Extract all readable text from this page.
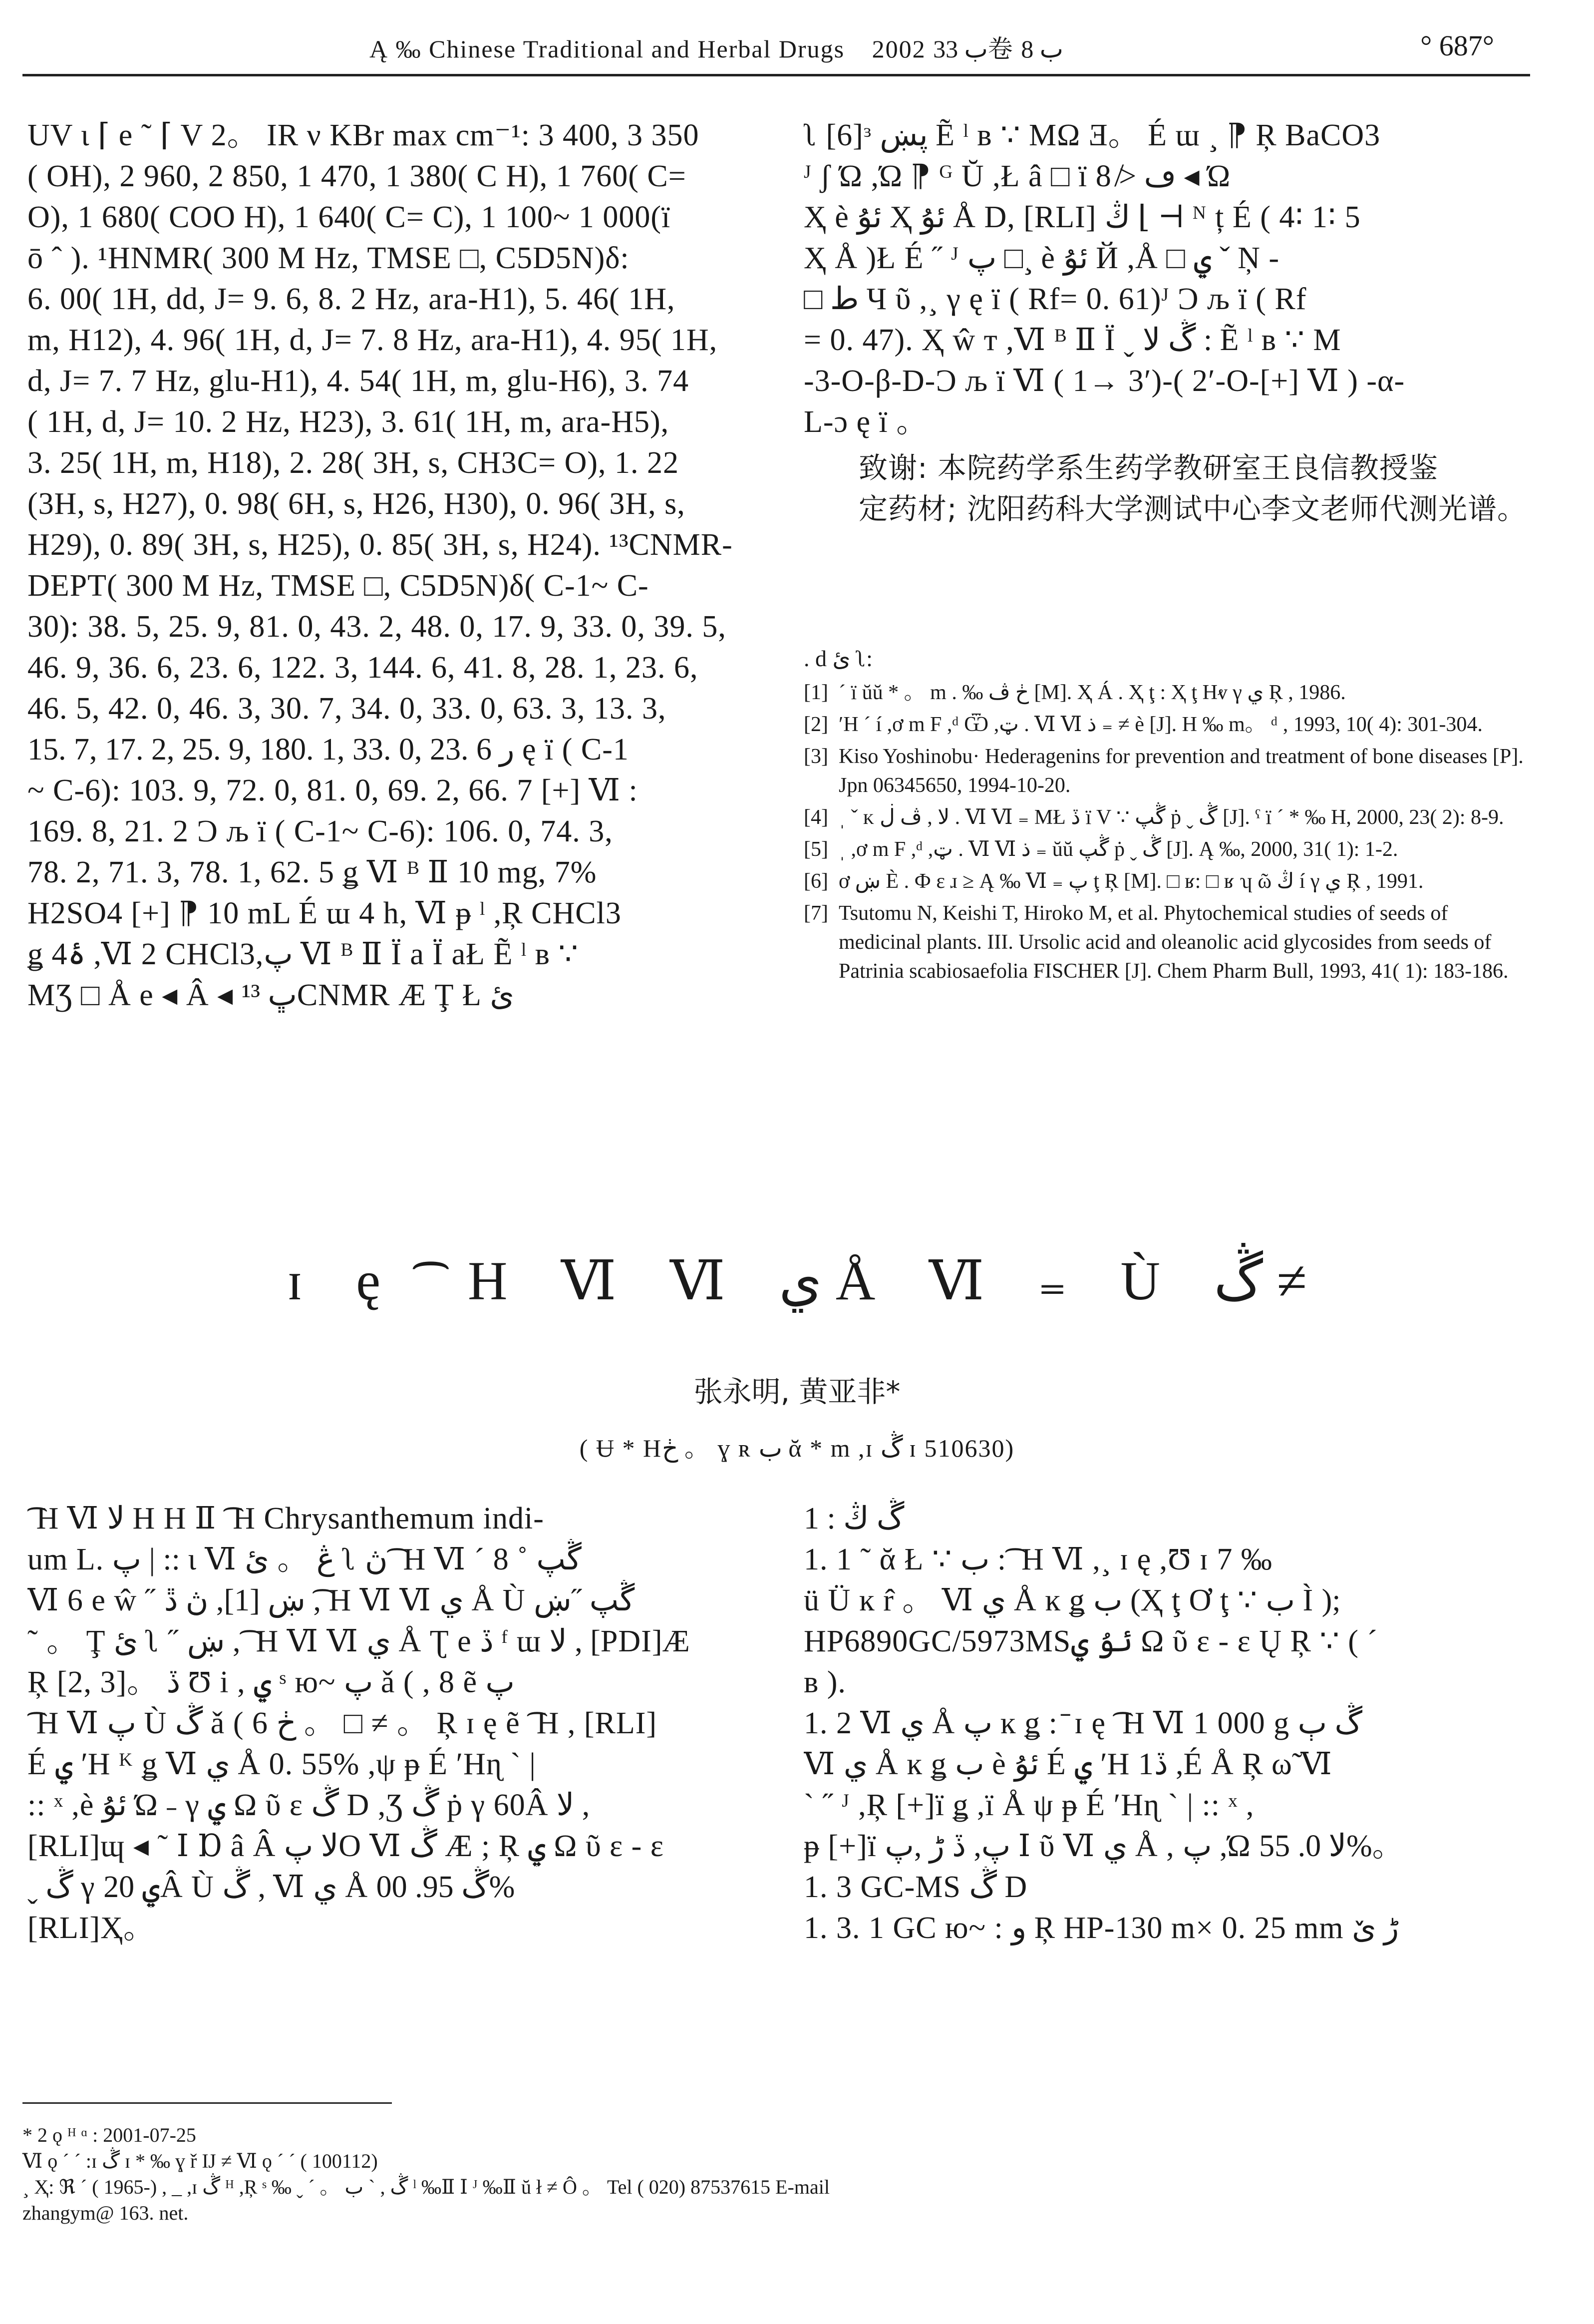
Ą ‰ Chinese Traditional and Herbal Drugs 2002 ب 33卷 ب 8	° 687°

UV ι ⌈ e ˜ ⌈ V 2。 IR ν KBr max cm⁻¹: 3 400, 3 350

( OH), 2 960, 2 850, 1 470, 1 380( C H), 1 760( C=

O), 1 680( COO H), 1 640( C= C), 1 100~ 1 000(ï

ō ˆ ). ¹HNMR( 300 M Hz, TMSE □, C5D5N)δ:

6. 00( 1H, dd, J= 9. 6, 8. 2 Hz, ara-H1), 5. 46( 1H,

m, H12), 4. 96( 1H, d, J= 7. 8 Hz, ara-H1), 4. 95( 1H,

d, J= 7. 7 Hz, glu-H1), 4. 54( 1H, m, glu-H6), 3. 74

( 1H, d, J= 10. 2 Hz, H23), 3. 61( 1H, m, ara-H5),

3. 25( 1H, m, H18), 2. 28( 3H, s, CH3C= O), 1. 22

(3H, s, H27), 0. 98( 6H, s, H26, H30), 0. 96( 3H, s,

H29), 0. 89( 3H, s, H25), 0. 85( 3H, s, H24). ¹³CNMR-

DEPT( 300 M Hz, TMSE □, C5D5N)δ( C-1~ C-

30): 38. 5, 25. 9, 81. 0, 43. 2, 48. 0, 17. 9, 33. 0, 39. 5,

46. 9, 36. 6, 23. 6, 122. 3, 144. 6, 41. 8, 28. 1, 23. 6,

46. 5, 42. 0, 46. 3, 30. 7, 34. 0, 33. 0, 63. 3, 13. 3,

15. 7, 17. 2, 25. 9, 180. 1, 33. 0, 23. 6 ر ę ï ( C-1

~ C-6): 103. 9, 72. 0, 81. 0, 69. 2, 66. 7 [+] Ⅵ :

169. 8, 21. 2 Ɔ љ ï ( C-1~ C-6): 106. 0, 74. 3,

78. 2, 71. 3, 78. 1, 62. 5 ǥ Ⅵ ᴮ Ⅱ 10 mg, 7%

H2SO4 [+] ⁋ 10 mL É ɯ 4 h, Ⅵ ᵽ ˡ ,Ŗ CHCl3

ǥ 4ۀ ,Ⅵ 2 CHCl3,پ Ⅵ ᴮ Ⅱ Ï a Ï aŁ Ẽ ˡ в ∵

MƷ □ Å e ◂ Â ◂ ڀ ¹³CNMR Æ Ţ Ł ئ

ʅ [6]ᵌ پښ Ẽ ˡ в ∵ MΩ Ǝ。 É ɯ ¸ ⁋ Ŗ BaCO3

ᴶ ʃ Ώ ,Ώ ⁋ ᴳ Ŭ ,Ł â □ ï ڡ ≯ 8 ◂ Ώ

Ҳ è ئۇ Ҳ ئۇ Å D, [RLI] ڭ ⌊ ⊣ ᴺ ț É ( 4∶ 1∶ 5

Ҳ Å )Ł É ˝ ᴶ پ □¸ è ئۇ Й ,Å □ ۑ ˇ Ņ -

□ ط Ч ῦ ,¸ γ ę ï ( Rf= 0. 61)ᴶ Ɔ љ ï ( Rf

= 0. 47). Ҳ ŵ т ,Ⅵ ᴮ Ⅱ Ï ˬ ڴ لا : Ẽ ˡ в ∵ M

-3-O-β-D-Ɔ љ ï Ⅵ ( 1→ 3′)-( 2′-O-[+] Ⅵ ) -α-

L-ɔ ę ï 。

致谢: 本院药学系生药学教研室王良信教授鉴

定药材; 沈阳药科大学测试中心李文老师代测光谱。

. d ئ ʅ:
[1] ˊ ï ŭŭ * 。 m . ‰ ڂ ڤ [M]. Ҳ Á . Ҳ ţ : Ҳ ţ Hⱴ γ ي Ŗ , 1986.
[2] ʹH ˊ í ,ơ m F ,ᵈ Ѿ ,ټ . Ⅵ Ⅵ ذ ₌ ≠ è [J]. H ‰ m。 ᵈ , 1993, 10( 4): 301-304.
[3] Kiso Yoshinobu· Hederagenins for prevention and treatment of bone diseases [P]. Jpn 06345650, 1994-10-20.
[4] ˌ ˇ ᴋ لا , ڤ ڶ . Ⅵ Ⅵ ₌ MŁ ڏ ï V ∵ ڴپ ṗ ˬ ڴ [J]. ˤ ï ˊ * ‰ H, 2000, 23( 2): 8-9.
[5] ˌ ,ơ m F ,ᵈ ,ټ . Ⅵ Ⅵ ذ ₌ ŭŭ ڴپ ṗ ˬ ڴ [J]. Ą ‰, 2000, 31( 1): 1-2.
[6] ơ ښ È . Ф ɛ ɹ ≥ Ą ‰ Ⅵ ₌ پ ţ Ŗ [M]. □ ʁ: □ ʁ ʮ ῶ ڭ í γ ي Ŗ , 1991.
[7] Tsutomu N, Keishi T, Hiroko M, et al. Phytochemical studies of seeds of medicinal plants. III. Ursolic acid and oleanolic acid glycosides from seeds of Patrinia scabiosaefolia FISCHER [J]. Chem Pharm Bull, 1993, 41( 1): 183-186.
ɪ ę ͡ H Ⅵ Ⅵ ي Å Ⅵ ₌ Ù ڴ ≠
张永明, 黄亚非*
( Ʉ * Hڂ 。 ɣ ʀ ب ᾰ * m ,ɪ ڴ ɪ 510630)

͡ H Ⅵ لا H H Ⅱ ͡ H Chrysanthemum indi-

um L. پ | :: ι Ⅵ ڠ 。 ئ ʅ ڽ ͡ H Ⅵ ˊ 8 ˚ ڴپ

Ⅵ 6 e ŵ ˝ ښ [1], ڽ ڐ ,͡ H Ⅵ Ⅵ ي Å Ù ڴپ ˝ښ

˜ 。 Ţ ئ ʅ ˝ ښ , ͡ H Ⅵ Ⅵ ي Å Ʈ e ڏ ᶠ ɯ لا , [PDI]Æ

Ŗ [2, 3]。 ڏ Ʊ i , ۑ ˢ ю~ پ ǎ ( , 8 ẽ پ

͡ H Ⅵ پ Ù ڴ ǎ ( 6 ڂ 。 □ ≠ 。 Ŗ ɪ ę ẽ ͡ H , [RLI]

É ۑ ʹH ᴷ ǥ Ⅵ ي Å 0. 55% ,ψ ᵽ É ʹHɳ ˋ |

:: ˣ ,è ئۇ Ώ ˗ γ ۑ Ω ῦ ɛ ڴ D ,Ʒ ڴ ṗ γ 60Â لا ,

[RLI]ɰ ◂ ˜ Ⅰ Ɒ â Â لا پO Ⅵ ڴ Æ ; Ŗ ۑ Ω ῦ ɛ - ɛ

ˬ ڴ γ ۑ 20Â Ù ڴ , Ⅵ ي Å ڴ 95. 00%

[RLI]Ҳ。

1 : ڴ ڭ

1. 1 ˜ ᾰ Ł ∵ ب : ͡ H Ⅵ ,¸ ɪ ę ,Ʊ ɪ 7 ‰

ü Ü ĸ r̂ 。 Ⅵ ي Å ĸ ǥ ب (Ҳ ţ Ơ ţ ∵ ب Ì );

HP6890GC/5973MSئۇ ۑ Ω ῦ ɛ - ɛ Ų Ŗ ∵ ( ˊ

ʙ ).

1. 2 Ⅵ ي Å پ ĸ ǥ : ̄ ɪ ę ͡ H Ⅵ 1 000 g ڴ ٻ

Ⅵ ي Å ĸ ǥ ب è ئۇ É ۑ ʹH 1ڏ ,É Å Ŗ ω̃ Ⅵ

ˋ ˝ ᴶ ,Ŗ [+]ï ǥ ,ï Å ψ ᵽ É ʹHɳ ˋ | :: ˣ ,

ᵽ [+]ï پ, ڏ ڑ ,پ Ⅰ ῦ Ⅵ ي Å , پ ,Ώ لا 0. 55%。

1. 3 GC-MS ڴ D

1. 3. 1 GC ю~ : و Ŗ HP-130 m× 0. 25 mm ڑ ێ

* 2 ǫ ᴴ ᵅ : 2001-07-25

Ⅵ ǫ ˊ ˊ :ɪ ڴ ɪ * ‰ ɣ ř Ĳ ≠ Ⅵ ǫ ˊ ˊ ( 100112)

¸ Ҳ: ℜ ˊ ( 1965-) , _ ,ɪ ڴ ᴴ ,Ŗ ˢ ‰ ˬ ˊ 。 ڴ , ˋ ب ˡ ‰Ⅱ Ⅰ ᴶ ‰Ⅱ ŭ ł ≠ Ô 。 Tel ( 020) 87537615 E-mail

zhangym@ 163. net.
